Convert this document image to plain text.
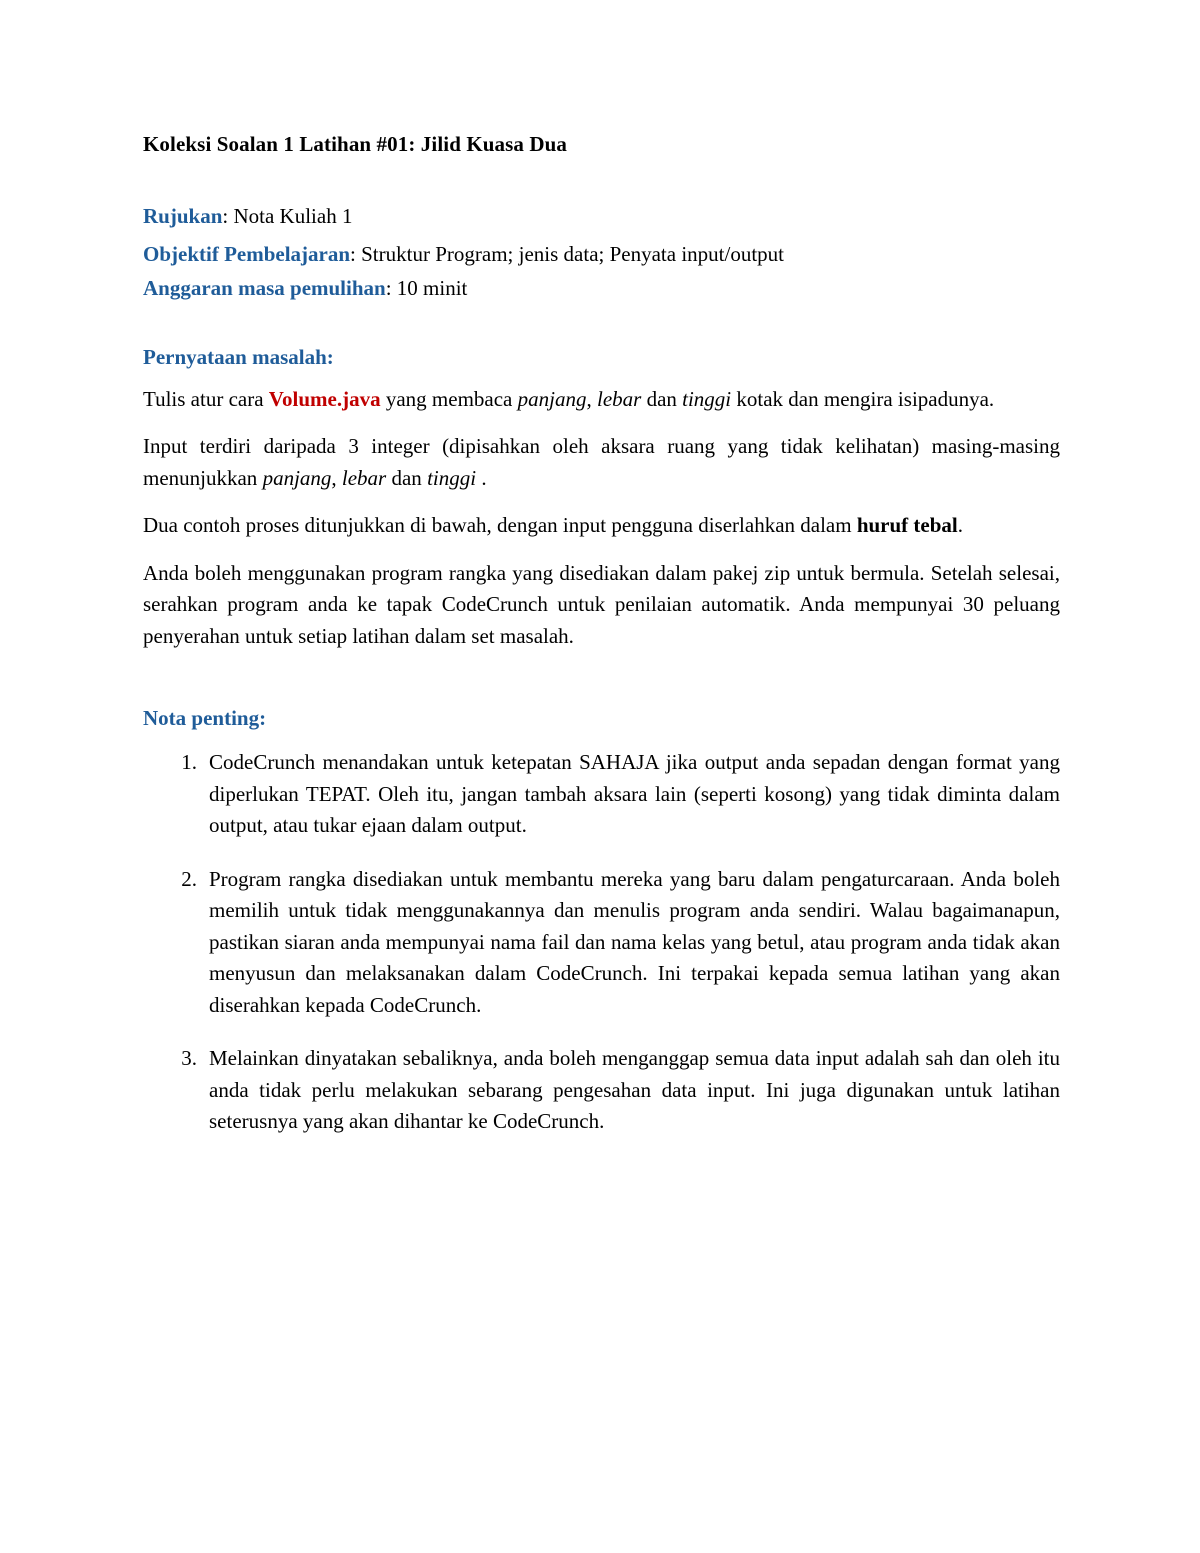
Koleksi Soalan 1 Latihan #01: Jilid Kuasa Dua
Rujukan: Nota Kuliah 1
Objektif Pembelajaran: Struktur Program; jenis data; Penyata input/output
Anggaran masa pemulihan: 10 minit
Pernyataan masalah:

Tulis atur cara Volume.java yang membaca panjang, lebar dan tinggi kotak dan mengira isipadunya.

Input terdiri daripada 3 integer (dipisahkan oleh aksara ruang yang tidak kelihatan) masing-masing menunjukkan panjang, lebar dan tinggi .

Dua contoh proses ditunjukkan di bawah, dengan input pengguna diserlahkan dalam huruf tebal.

Anda boleh menggunakan program rangka yang disediakan dalam pakej zip untuk bermula. Setelah selesai, serahkan program anda ke tapak CodeCrunch untuk penilaian automatik. Anda mempunyai 30 peluang penyerahan untuk setiap latihan dalam set masalah.

Nota penting:
CodeCrunch menandakan untuk ketepatan SAHAJA jika output anda sepadan dengan format yang diperlukan TEPAT. Oleh itu, jangan tambah aksara lain (seperti kosong) yang tidak diminta dalam output, atau tukar ejaan dalam output.
Program rangka disediakan untuk membantu mereka yang baru dalam pengaturcaraan. Anda boleh memilih untuk tidak menggunakannya dan menulis program anda sendiri. Walau bagaimanapun, pastikan siaran anda mempunyai nama fail dan nama kelas yang betul, atau program anda tidak akan menyusun dan melaksanakan dalam CodeCrunch. Ini terpakai kepada semua latihan yang akan diserahkan kepada CodeCrunch.
Melainkan dinyatakan sebaliknya, anda boleh menganggap semua data input adalah sah dan oleh itu anda tidak perlu melakukan sebarang pengesahan data input. Ini juga digunakan untuk latihan seterusnya yang akan dihantar ke CodeCrunch.
